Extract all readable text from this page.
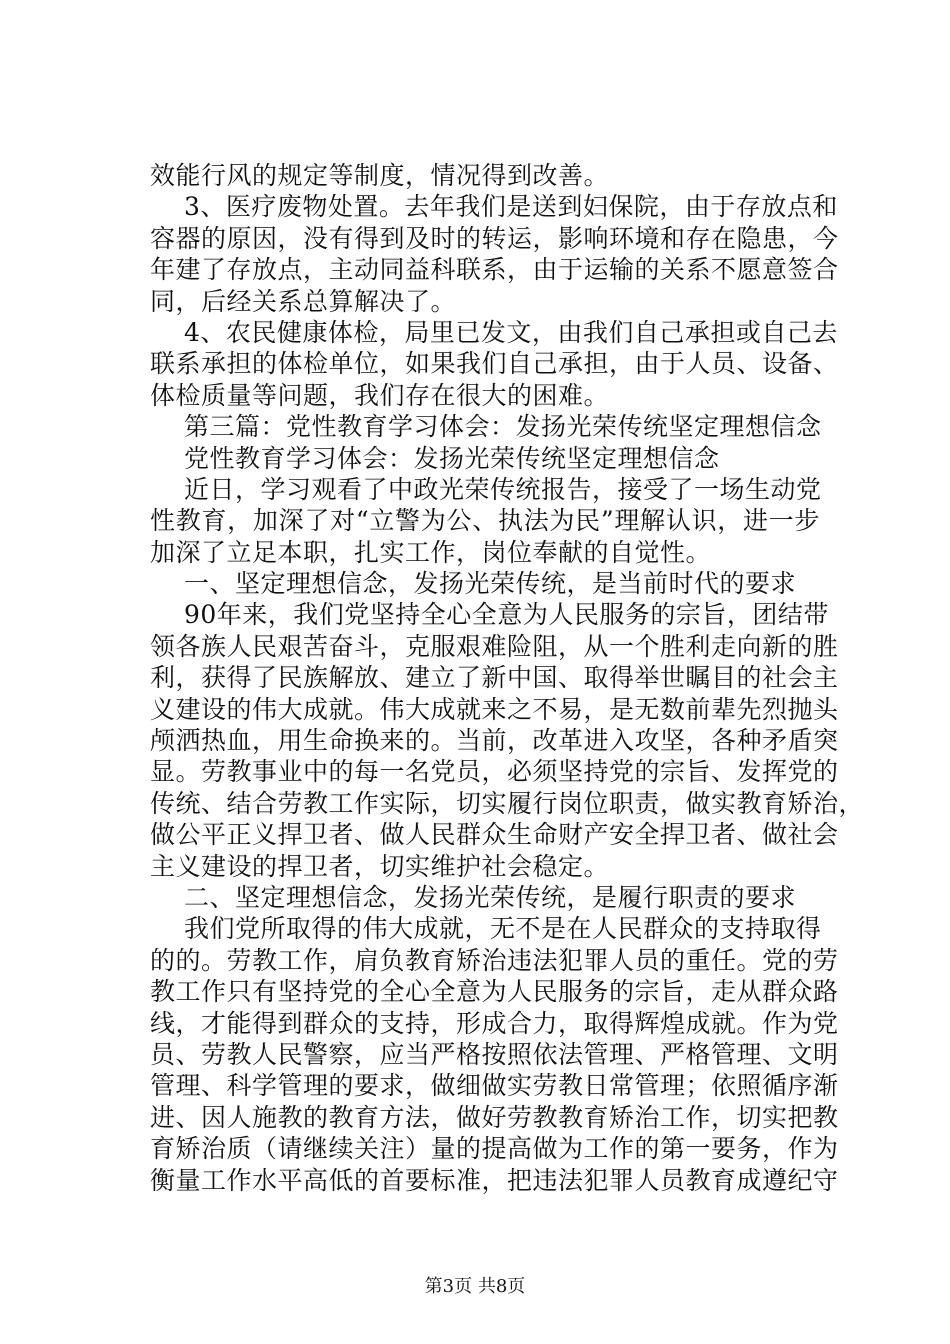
效能行风的规定等制度，情况得到改善。
3、医疗废物处置。去年我们是送到妇保院，由于存放点和
容器的原因，没有得到及时的转运，影响环境和存在隐患，今
年建了存放点，主动同益科联系，由于运输的关系不愿意签合
同，后经关系总算解决了。
4、农民健康体检，局里已发文，由我们自己承担或自己去
联系承担的体检单位，如果我们自己承担，由于人员、设备、
体检质量等问题，我们存在很大的困难。
第三篇：党性教育学习体会：发扬光荣传统坚定理想信念
党性教育学习体会：发扬光荣传统坚定理想信念
近日，学习观看了中政光荣传统报告，接受了一场生动党
性教育，加深了对“立警为公、执法为民”理解认识，进一步
加深了立足本职，扎实工作，岗位奉献的自觉性。
一、坚定理想信念，发扬光荣传统，是当前时代的要求
90年来，我们党坚持全心全意为人民服务的宗旨，团结带
领各族人民艰苦奋斗，克服艰难险阻，从一个胜利走向新的胜
利，获得了民族解放、建立了新中国、取得举世瞩目的社会主
义建设的伟大成就。伟大成就来之不易，是无数前辈先烈抛头
颅洒热血，用生命换来的。当前，改革进入攻坚，各种矛盾突
显。劳教事业中的每一名党员，必须坚持党的宗旨、发挥党的
传统、结合劳教工作实际，切实履行岗位职责，做实教育矫治，
做公平正义捍卫者、做人民群众生命财产安全捍卫者、做社会
主义建设的捍卫者，切实维护社会稳定。
二、坚定理想信念，发扬光荣传统，是履行职责的要求
我们党所取得的伟大成就，无不是在人民群众的支持取得
的的。劳教工作，肩负教育矫治违法犯罪人员的重任。党的劳
教工作只有坚持党的全心全意为人民服务的宗旨，走从群众路
线，才能得到群众的支持，形成合力，取得辉煌成就。作为党
员、劳教人民警察，应当严格按照依法管理、严格管理、文明
管理、科学管理的要求，做细做实劳教日常管理；依照循序渐
进、因人施教的教育方法，做好劳教教育矫治工作，切实把教
育矫治质（请继续关注）量的提高做为工作的第一要务，作为
衡量工作水平高低的首要标准，把违法犯罪人员教育成遵纪守
第3页 共8页
